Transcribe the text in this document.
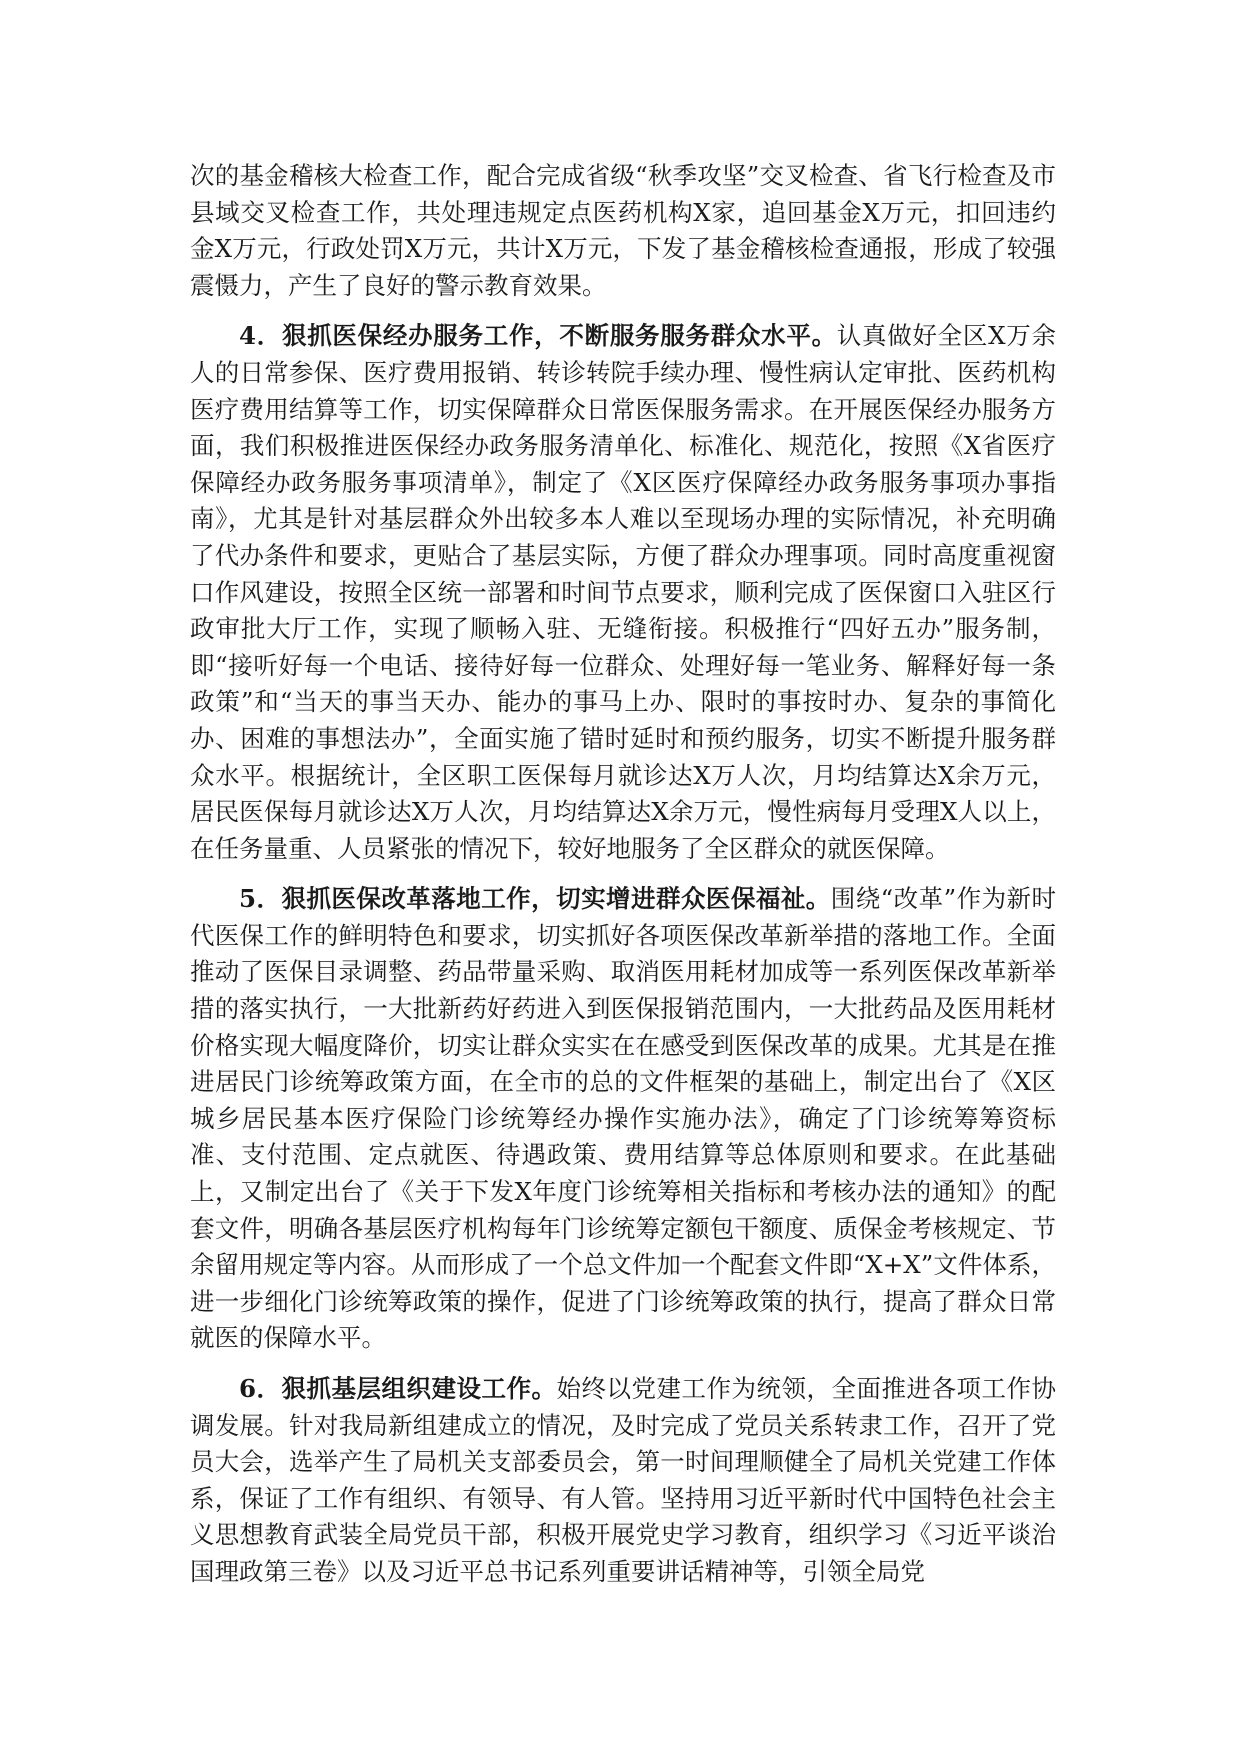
次的基金稽核大检查工作，配合完成省级“秋季攻坚”交叉检查、省飞行检查及市县域交叉检查工作，共处理违规定点医药机构X家，追回基金X万元，扣回违约金X万元，行政处罚X万元，共计X万元，下发了基金稽核检查通报，形成了较强震慑力，产生了良好的警示教育效果。

4．狠抓医保经办服务工作，不断服务服务群众水平。认真做好全区X万余人的日常参保、医疗费用报销、转诊转院手续办理、慢性病认定审批、医药机构医疗费用结算等工作，切实保障群众日常医保服务需求。在开展医保经办服务方面，我们积极推进医保经办政务服务清单化、标准化、规范化，按照《X省医疗保障经办政务服务事项清单》，制定了《X区医疗保障经办政务服务事项办事指南》，尤其是针对基层群众外出较多本人难以至现场办理的实际情况，补充明确了代办条件和要求，更贴合了基层实际，方便了群众办理事项。同时高度重视窗口作风建设，按照全区统一部署和时间节点要求，顺利完成了医保窗口入驻区行政审批大厅工作，实现了顺畅入驻、无缝衔接。积极推行“四好五办”服务制，即“接听好每一个电话、接待好每一位群众、处理好每一笔业务、解释好每一条政策”和“当天的事当天办、能办的事马上办、限时的事按时办、复杂的事简化办、困难的事想法办”，全面实施了错时延时和预约服务，切实不断提升服务群众水平。根据统计，全区职工医保每月就诊达X万人次，月均结算达X余万元，居民医保每月就诊达X万人次，月均结算达X余万元，慢性病每月受理X人以上，在任务量重、人员紧张的情况下，较好地服务了全区群众的就医保障。

5．狠抓医保改革落地工作，切实增进群众医保福祉。围绕“改革”作为新时代医保工作的鲜明特色和要求，切实抓好各项医保改革新举措的落地工作。全面推动了医保目录调整、药品带量采购、取消医用耗材加成等一系列医保改革新举措的落实执行，一大批新药好药进入到医保报销范围内，一大批药品及医用耗材价格实现大幅度降价，切实让群众实实在在感受到医保改革的成果。尤其是在推进居民门诊统筹政策方面，在全市的总的文件框架的基础上，制定出台了《X区城乡居民基本医疗保险门诊统筹经办操作实施办法》，确定了门诊统筹筹资标准、支付范围、定点就医、待遇政策、费用结算等总体原则和要求。在此基础上，又制定出台了《关于下发X年度门诊统筹相关指标和考核办法的通知》的配套文件，明确各基层医疗机构每年门诊统筹定额包干额度、质保金考核规定、节余留用规定等内容。从而形成了一个总文件加一个配套文件即“X+X”文件体系，进一步细化门诊统筹政策的操作，促进了门诊统筹政策的执行，提高了群众日常就医的保障水平。

6．狠抓基层组织建设工作。始终以党建工作为统领，全面推进各项工作协调发展。针对我局新组建成立的情况，及时完成了党员关系转隶工作，召开了党员大会，选举产生了局机关支部委员会，第一时间理顺健全了局机关党建工作体系，保证了工作有组织、有领导、有人管。坚持用习近平新时代中国特色社会主义思想教育武装全局党员干部，积极开展党史学习教育，组织学习《习近平谈治国理政第三卷》以及习近平总书记系列重要讲话精神等，引领全局党
